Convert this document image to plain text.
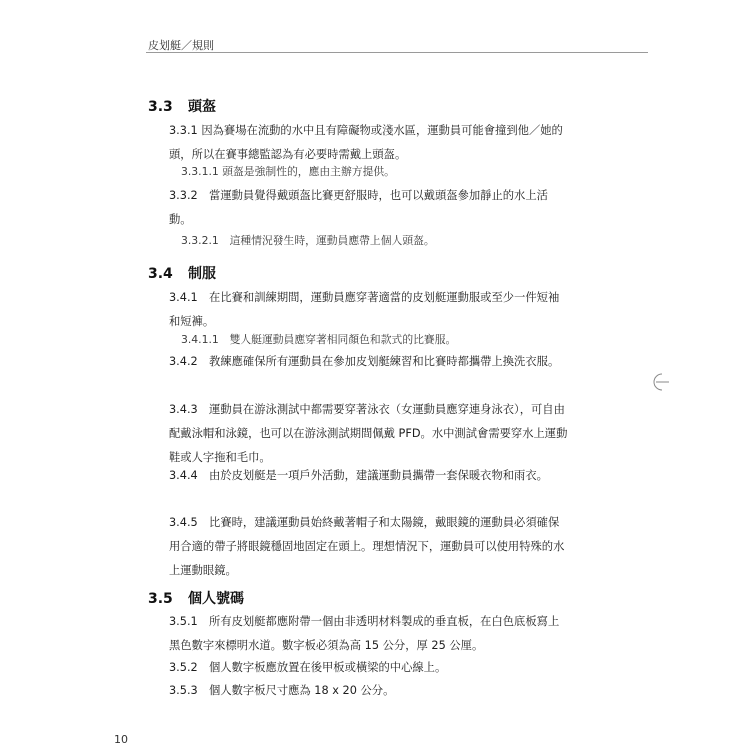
皮划艇／規則
3.3 頭盔
3.3.1 因為賽場在流動的水中且有障礙物或淺水區，運動員可能會撞到他／她的頭，所以在賽事總監認為有必要時需戴上頭盔。
3.3.1.1 頭盔是強制性的，應由主辦方提供。
3.3.2　當運動員覺得戴頭盔比賽更舒服時，也可以戴頭盔參加靜止的水上活動。
3.3.2.1　這種情況發生時，運動員應帶上個人頭盔。
3.4 制服
3.4.1　在比賽和訓練期間，運動員應穿著適當的皮划艇運動服或至少一件短袖和短褲。
3.4.1.1　雙人艇運動員應穿著相同顏色和款式的比賽服。
3.4.2　教練應確保所有運動員在參加皮划艇練習和比賽時都攜帶上換洗衣服。
3.4.3　運動員在游泳測試中都需要穿著泳衣（女運動員應穿連身泳衣），可自由配戴泳帽和泳鏡，也可以在游泳測試期間佩戴 PFD。水中測試會需要穿水上運動鞋或人字拖和毛巾。
3.4.4　由於皮划艇是一項戶外活動，建議運動員攜帶一套保暖衣物和雨衣。
3.4.5　比賽時，建議運動員始終戴著帽子和太陽鏡，戴眼鏡的運動員必須確保用合適的帶子將眼鏡穩固地固定在頭上。理想情況下，運動員可以使用特殊的水上運動眼鏡。
3.5 個人號碼
3.5.1　所有皮划艇都應附帶一個由非透明材料製成的垂直板，在白色底板寫上黑色數字來標明水道。數字板必須為高 15 公分，厚 25 公厘。
3.5.2　個人數字板應放置在後甲板或橫梁的中心線上。
3.5.3　個人數字板尺寸應為 18 x 20 公分。
10
